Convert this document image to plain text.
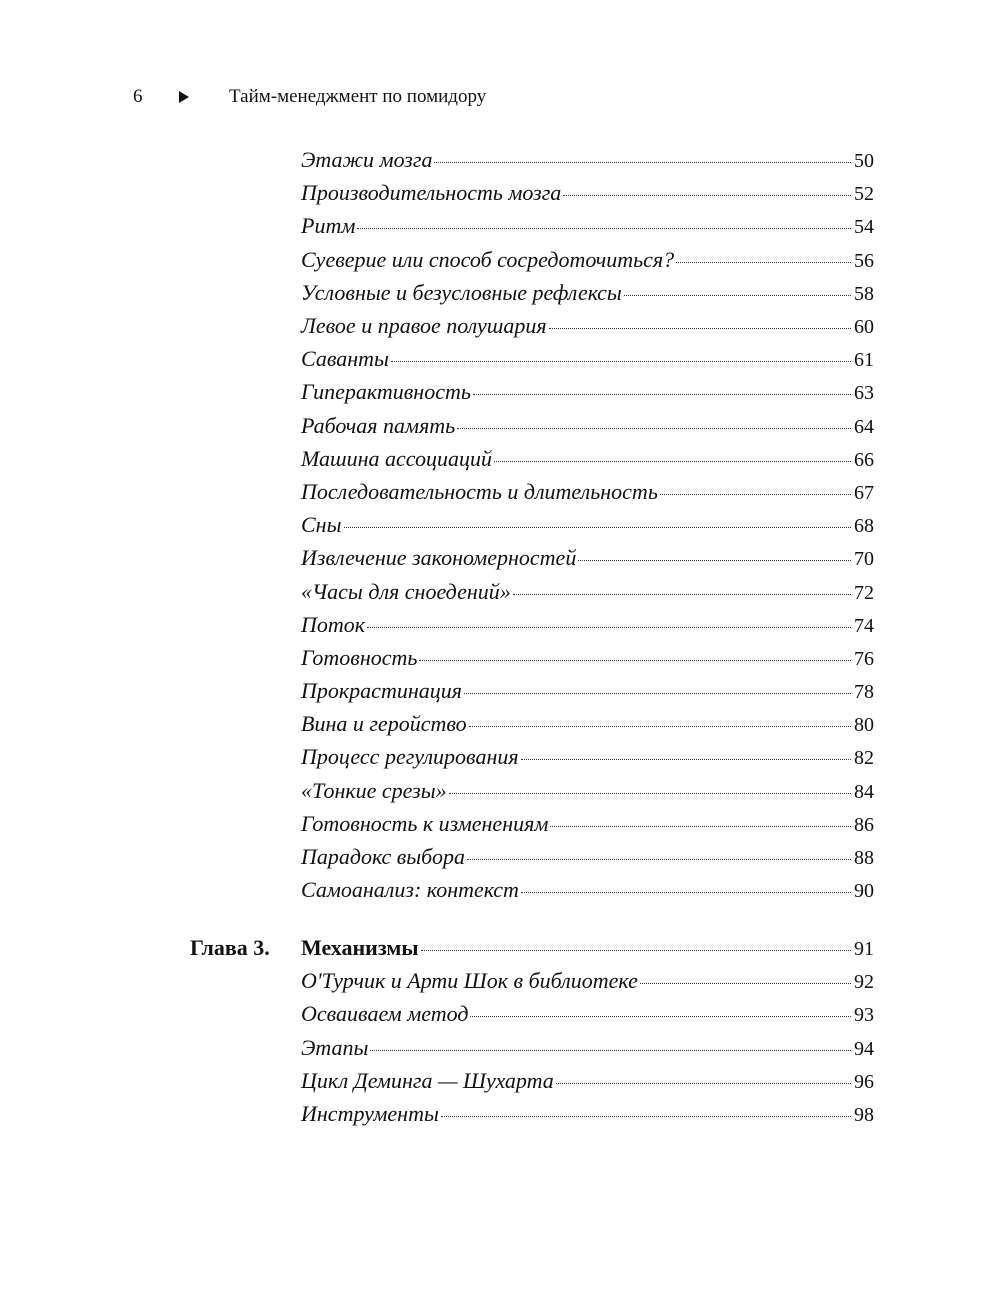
6	Тайм-менеджмент по помидору
Этажи мозга	50
Производительность мозга	52
Ритм	54
Суеверие или способ сосредоточиться?	56
Условные и безусловные рефлексы	58
Левое и правое полушария	60
Саванты	61
Гиперактивность	63
Рабочая память	64
Машина ассоциаций	66
Последовательность и длительность	67
Сны	68
Извлечение закономерностей	70
«Часы для сноедений»	72
Поток	74
Готовность	76
Прокрастинация	78
Вина и геройство	80
Процесс регулирования	82
«Тонкие срезы»	84
Готовность к изменениям	86
Парадокс выбора	88
Самоанализ: контекст	90
Глава 3. Механизмы	91
О'Турчик и Арти Шок в библиотеке	92
Осваиваем метод	93
Этапы	94
Цикл Деминга — Шухарта	96
Инструменты	98
